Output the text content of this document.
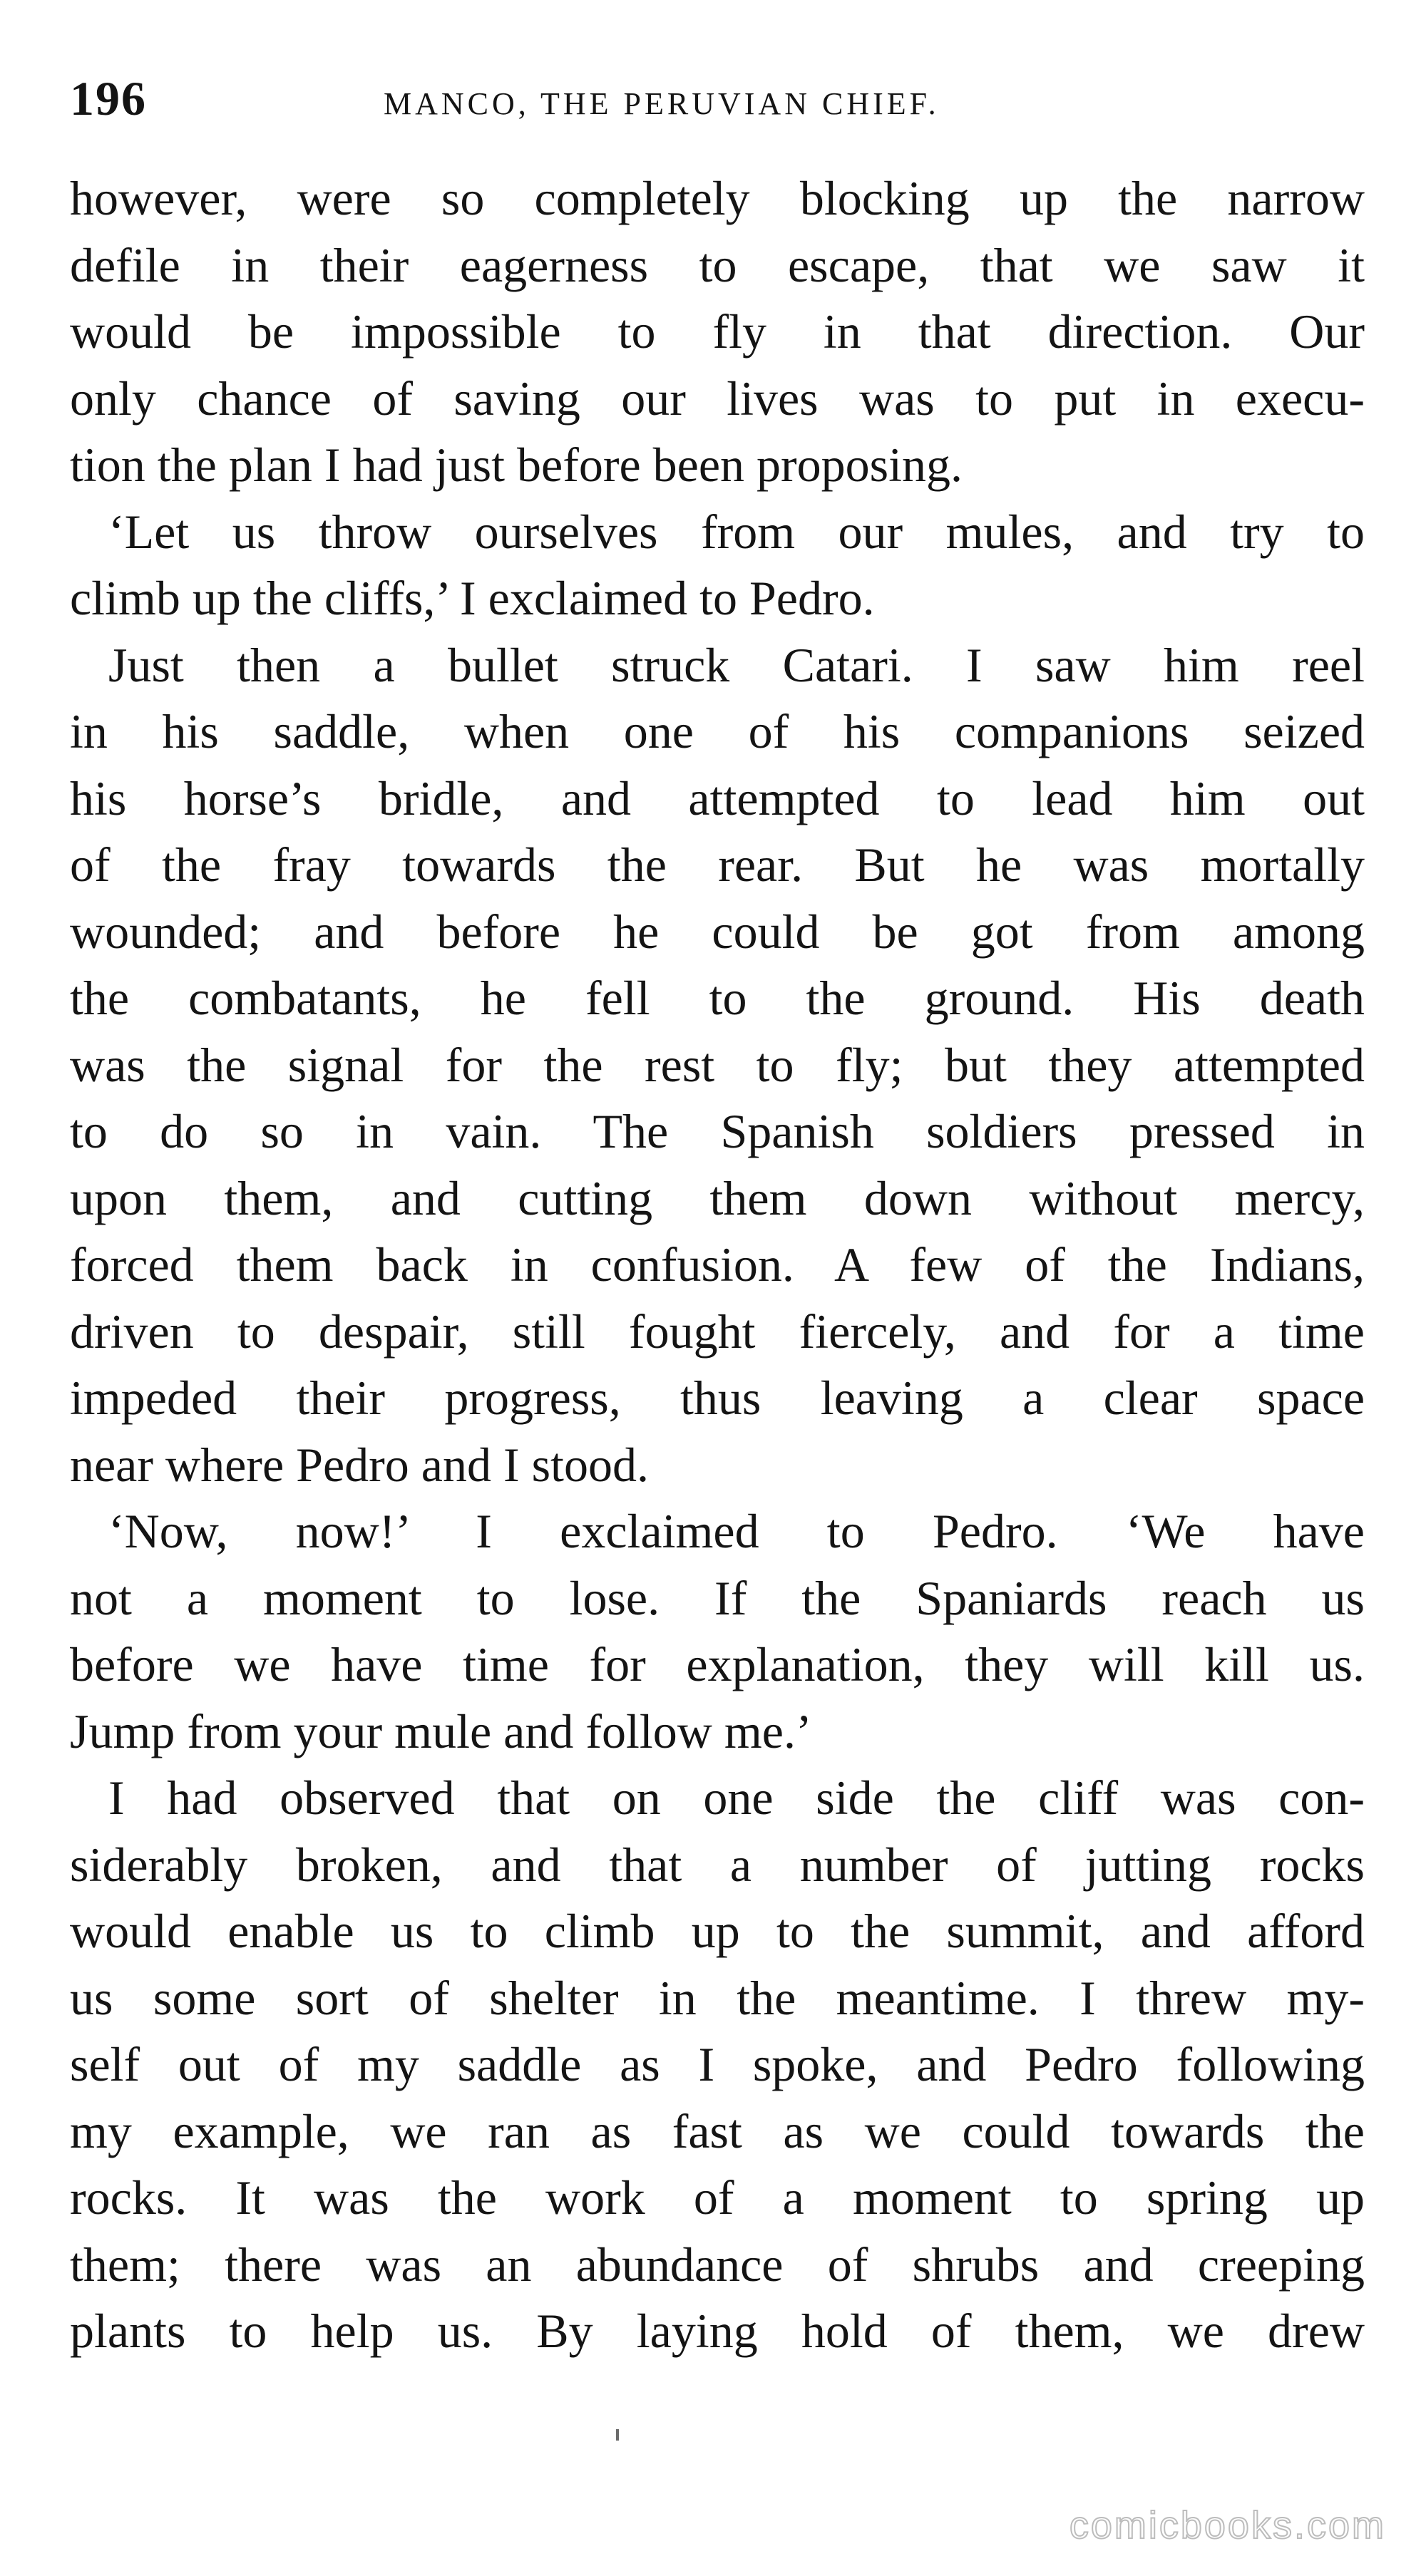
196	MANCO, THE PERUVIAN CHIEF.
however, were so completely blocking up the narrow
defile in their eagerness to escape, that we saw it
would be impossible to fly in that direction. Our
only chance of saving our lives was to put in execu-
tion the plan I had just before been proposing.
‘Let us throw ourselves from our mules, and try to
climb up the cliffs,’ I exclaimed to Pedro.
Just then a bullet struck Catari. I saw him reel
in his saddle, when one of his companions seized
his horse’s bridle, and attempted to lead him out
of the fray towards the rear. But he was mortally
wounded; and before he could be got from among
the combatants, he fell to the ground. His death
was the signal for the rest to fly; but they attempted
to do so in vain. The Spanish soldiers pressed in
upon them, and cutting them down without mercy,
forced them back in confusion. A few of the Indians,
driven to despair, still fought fiercely, and for a time
impeded their progress, thus leaving a clear space
near where Pedro and I stood.
‘Now, now!’ I exclaimed to Pedro. ‘We have
not a moment to lose. If the Spaniards reach us
before we have time for explanation, they will kill us.
Jump from your mule and follow me.’
I had observed that on one side the cliff was con-
siderably broken, and that a number of jutting rocks
would enable us to climb up to the summit, and afford
us some sort of shelter in the meantime. I threw my-
self out of my saddle as I spoke, and Pedro following
my example, we ran as fast as we could towards the
rocks. It was the work of a moment to spring up
them; there was an abundance of shrubs and creeping
plants to help us. By laying hold of them, we drew
comicbooks.com
